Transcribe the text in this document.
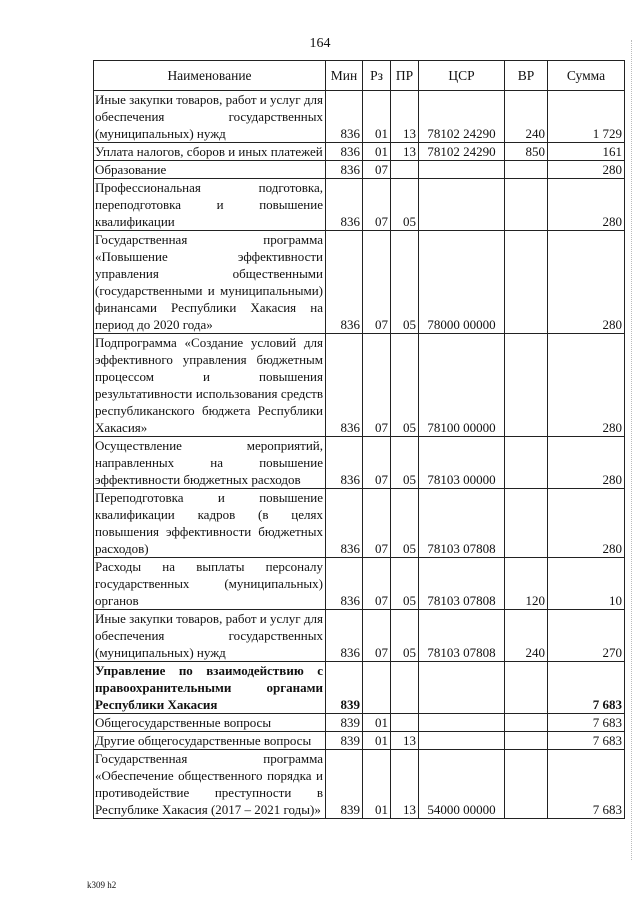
164
Наименование	Мин	Рз	ПР	ЦСР	ВР	Сумма
Иные закупки товаров, работ и услуг для обеспечения государственных (муниципальных) нужд	836	01	13	78102 24290	240	1 729
Уплата налогов, сборов и иных платежей	836	01	13	78102 24290	850	161
Образование	836	07				280
Профессиональная подготовка, переподготовка и повышение квалификации	836	07	05			280
Государственная программа «Повышение эффективности управления общественными (государственными и муниципальными) финансами Республики Хакасия на период до 2020 года»	836	07	05	78000 00000		280
Подпрограмма «Создание условий для эффективного управления бюджетным процессом и повышения результативности использования средств республиканского бюджета Республики Хакасия»	836	07	05	78100 00000		280
Осуществление мероприятий, направленных на повышение эффективности бюджетных расходов	836	07	05	78103 00000		280
Переподготовка и повышение квалификации кадров (в целях повышения эффективности бюджетных расходов)	836	07	05	78103 07808		280
Расходы на выплаты персоналу государственных (муниципальных) органов	836	07	05	78103 07808	120	10
Иные закупки товаров, работ и услуг для обеспечения государственных (муниципальных) нужд	836	07	05	78103 07808	240	270
Управление по взаимодействию с правоохранительными органами Республики Хакасия	839					7 683
Общегосударственные вопросы	839	01				7 683
Другие общегосударственные вопросы	839	01	13			7 683
Государственная программа «Обеспечение общественного порядка и противодействие преступности в Республике Хакасия (2017 – 2021 годы)»	839	01	13	54000 00000		7 683
k309 h2
